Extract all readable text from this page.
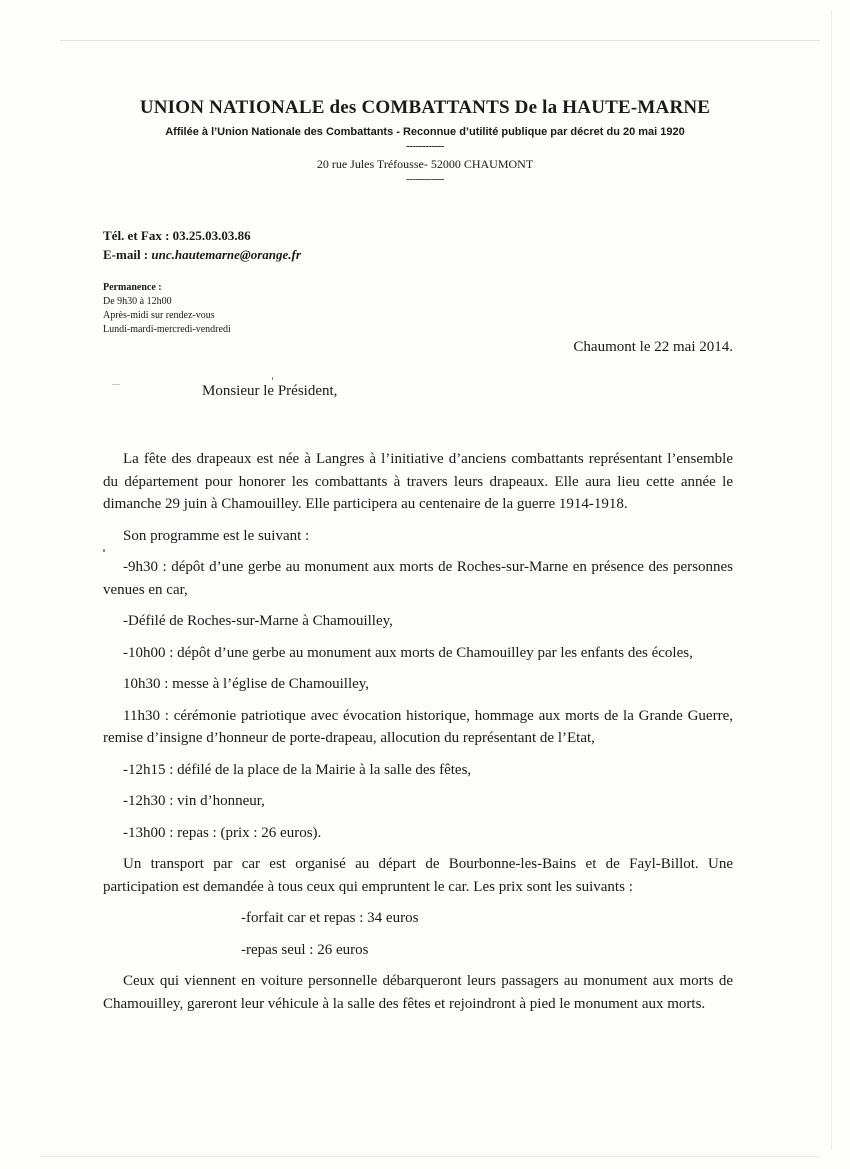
UNION NATIONALE des COMBATTANTS De la HAUTE-MARNE
Affilée à l’Union Nationale des Combattants - Reconnue d’utilité publique par décret du 20 mai 1920
------------
20 rue Jules Tréfousse- 52000 CHAUMONT
------------
Tél. et Fax : 03.25.03.03.86
E-mail : unc.hautemarne@orange.fr
Permanence :
De 9h30 à 12h00
Après-midi sur rendez-vous
Lundi-mardi-mercredi-vendredi
Chaumont le 22 mai 2014.
Monsieur le Président,

La fête des drapeaux est née à Langres à l’initiative d’anciens combattants représentant l’ensemble du département pour honorer les combattants à travers leurs drapeaux. Elle aura lieu cette année le dimanche 29 juin à Chamouilley. Elle participera au centenaire de la guerre 1914-1918.

Son programme est le suivant :

-9h30 : dépôt d’une gerbe au monument aux morts de Roches-sur-Marne en présence des personnes venues en car,

-Défilé de Roches-sur-Marne à Chamouilley,

-10h00 : dépôt d’une gerbe au monument aux morts de Chamouilley par les enfants des écoles,

10h30 : messe à l’église de Chamouilley,

11h30 : cérémonie patriotique avec évocation historique, hommage aux morts de la Grande Guerre, remise d’insigne d’honneur de porte-drapeau, allocution du représentant de l’Etat,

-12h15 : défilé de la place de la Mairie à la salle des fêtes,

-12h30 : vin d’honneur,

-13h00 : repas : (prix : 26 euros).

Un transport par car est organisé au départ de Bourbonne-les-Bains et de Fayl-Billot. Une participation est demandée à tous ceux qui empruntent le car. Les prix sont les suivants :

-forfait car et repas : 34 euros

-repas seul : 26 euros

Ceux qui viennent en voiture personnelle débarqueront leurs passagers au monument aux morts de Chamouilley, gareront leur véhicule à la salle des fêtes et rejoindront à pied le monument aux morts.
